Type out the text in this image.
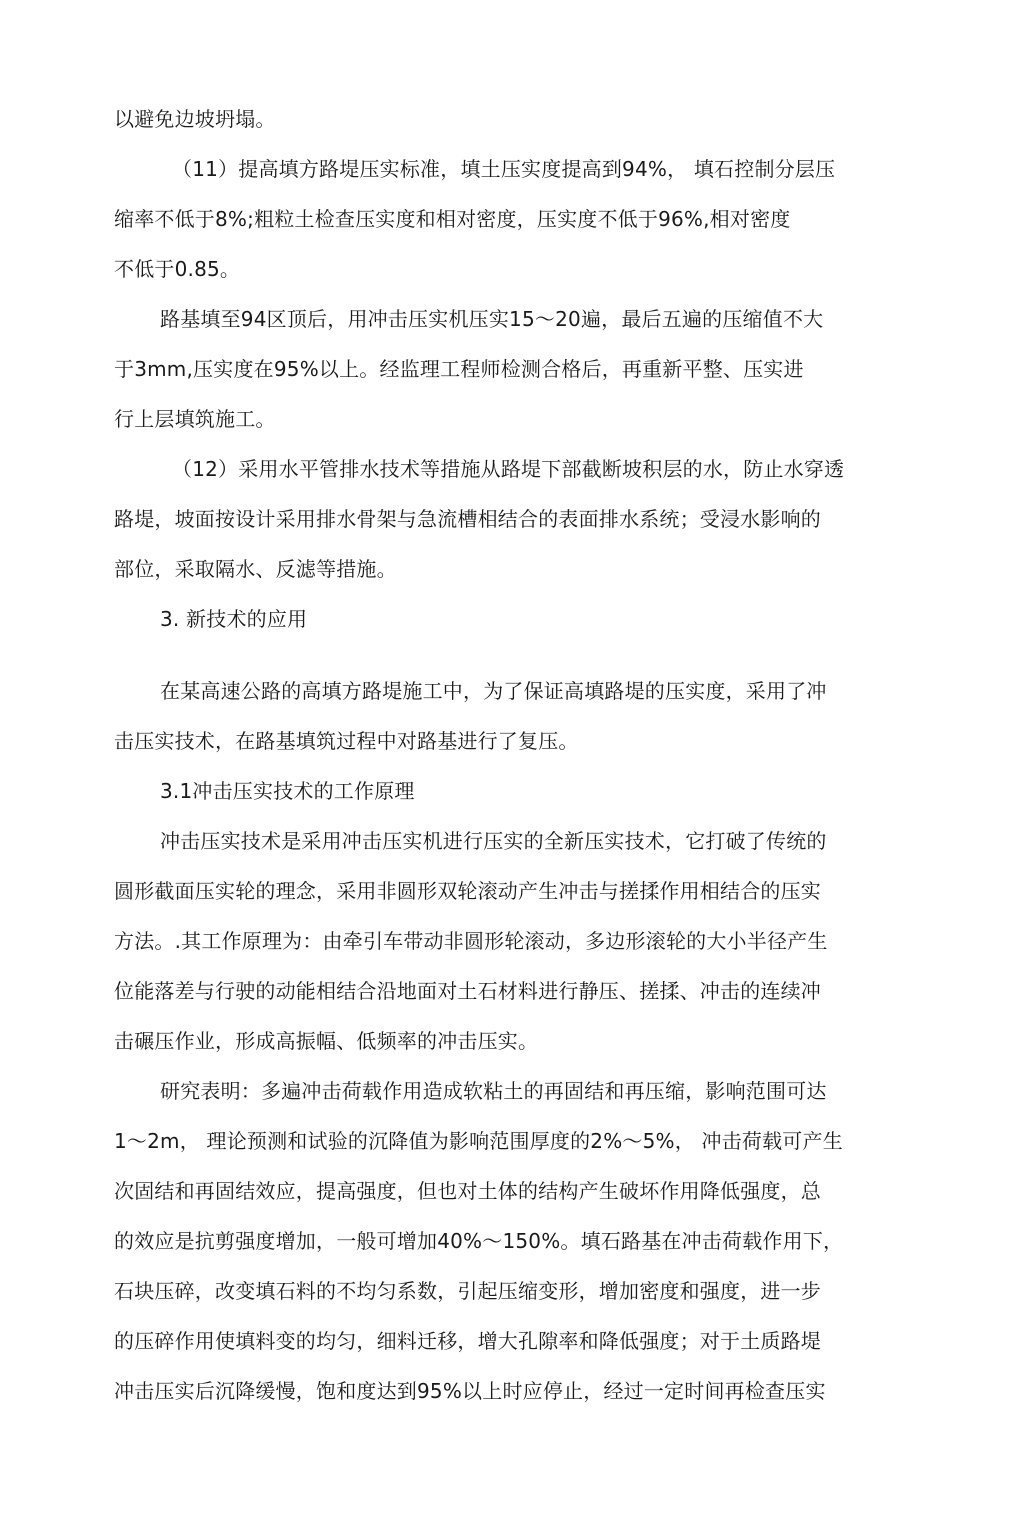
以避免边坡坍塌。
（11）提高填方路堤压实标准，填土压实度提高到94%， 填石控制分层压
缩率不低于8%;粗粒土检查压实度和相对密度，压实度不低于96%,相对密度
不低于0.85。
路基填至94区顶后，用冲击压实机压实15～20遍，最后五遍的压缩值不大
于3mm,压实度在95%以上。经监理工程师检测合格后，再重新平整、压实进
行上层填筑施工。
（12）采用水平管排水技术等措施从路堤下部截断坡积层的水，防止水穿透
路堤，坡面按设计采用排水骨架与急流槽相结合的表面排水系统；受浸水影响的
部位，采取隔水、反滤等措施。
3. 新技术的应用
在某高速公路的高填方路堤施工中，为了保证高填路堤的压实度，采用了冲
击压实技术，在路基填筑过程中对路基进行了复压。
3.1冲击压实技术的工作原理
冲击压实技术是采用冲击压实机进行压实的全新压实技术，它打破了传统的
圆形截面压实轮的理念，采用非圆形双轮滚动产生冲击与搓揉作用相结合的压实
方法。.其工作原理为：由牵引车带动非圆形轮滚动，多边形滚轮的大小半径产生
位能落差与行驶的动能相结合沿地面对土石材料进行静压、搓揉、冲击的连续冲
击碾压作业，形成高振幅、低频率的冲击压实。
研究表明：多遍冲击荷载作用造成软粘土的再固结和再压缩，影响范围可达
1～2m， 理论预测和试验的沉降值为影响范围厚度的2%～5%， 冲击荷载可产生
次固结和再固结效应，提高强度，但也对土体的结构产生破坏作用降低强度，总
的效应是抗剪强度增加，一般可增加40%～150%。填石路基在冲击荷载作用下，
石块压碎，改变填石料的不均匀系数，引起压缩变形，增加密度和强度，进一步
的压碎作用使填料变的均匀，细料迁移，增大孔隙率和降低强度；对于土质路堤
冲击压实后沉降缓慢，饱和度达到95%以上时应停止，经过一定时间再检查压实
